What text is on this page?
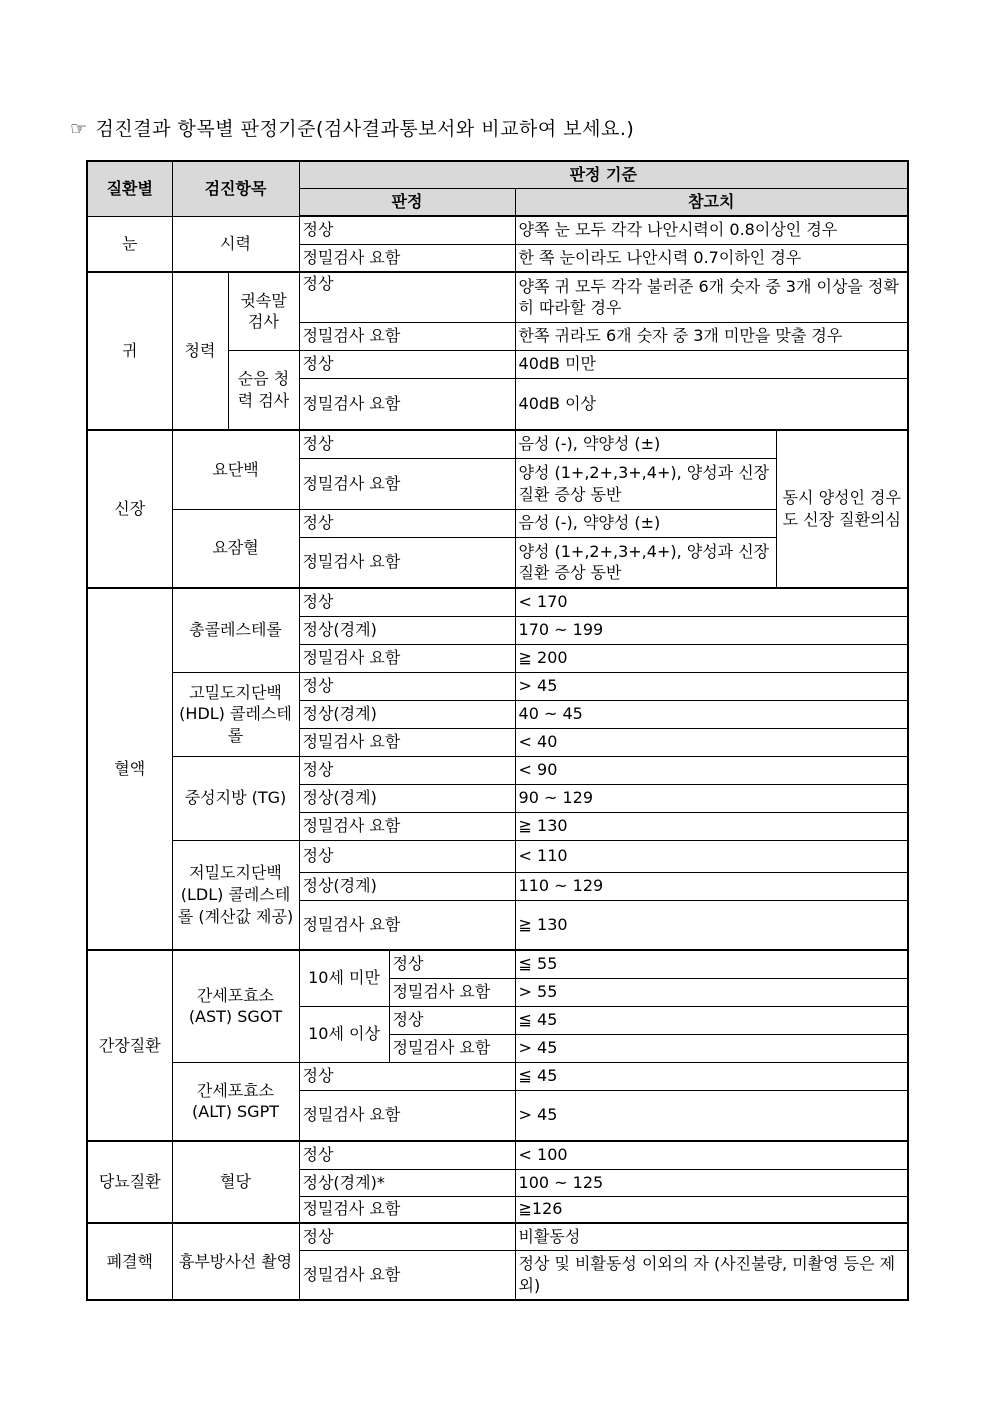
☞ 검진결과 항목별 판정기준(검사결과통보서와 비교하여 보세요.)
질환별	검진항목		판정 기준			
			판정		참고치	
눈	시력		정상		양쪽 눈 모두 각각 나안시력이 0.8이상인 경우	
			정밀검사 요함		한 쪽 눈이라도 나안시력 0.7이하인 경우	
귀	청력	귓속말 검사	정상		양쪽 귀 모두 각각 불러준 6개 숫자 중 3개 이상을 정확히 따라할 경우	
			정밀검사 요함		한쪽 귀라도 6개 숫자 중 3개 미만을 맞출 경우	
		순음 청력 검사	정상		40dB 미만	
			정밀검사 요함		40dB 이상	
신장	요단백		정상		음성 (-), 약양성 (±)	동시 양성인 경우도 신장 질환의심
			정밀검사 요함		양성 (1+,2+,3+,4+), 양성과 신장 질환 증상 동반	
	요잠혈		정상		음성 (-), 약양성 (±)	
			정밀검사 요함		양성 (1+,2+,3+,4+), 양성과 신장 질환 증상 동반	
혈액	총콜레스테롤		정상		< 170	
			정상(경계)		170 ~ 199	
			정밀검사 요함		≧ 200	
	고밀도지단백 (HDL) 콜레스테롤		정상		> 45	
			정상(경계)		40 ~ 45	
			정밀검사 요함		< 40	
	중성지방 (TG)		정상		< 90	
			정상(경계)		90 ~ 129	
			정밀검사 요함		≧ 130	
	저밀도지단백 (LDL) 콜레스테롤 (계산값 제공)		정상		< 110	
			정상(경계)		110 ~ 129	
			정밀검사 요함		≧ 130	
간장질환	간세포효소 (AST) SGOT		10세 미만	정상	≦ 55	
				정밀검사 요함	> 55	
			10세 이상	정상	≦ 45	
				정밀검사 요함	> 45	
	간세포효소 (ALT) SGPT		정상		≦ 45	
			정밀검사 요함		> 45	
당뇨질환	혈당		정상		< 100	
			정상(경계)*		100 ~ 125	
			정밀검사 요함		≧126	
폐결핵	흉부방사선 촬영		정상		비활동성	
			정밀검사 요함		정상 및 비활동성 이외의 자 (사진불량, 미촬영 등은 제외)	
